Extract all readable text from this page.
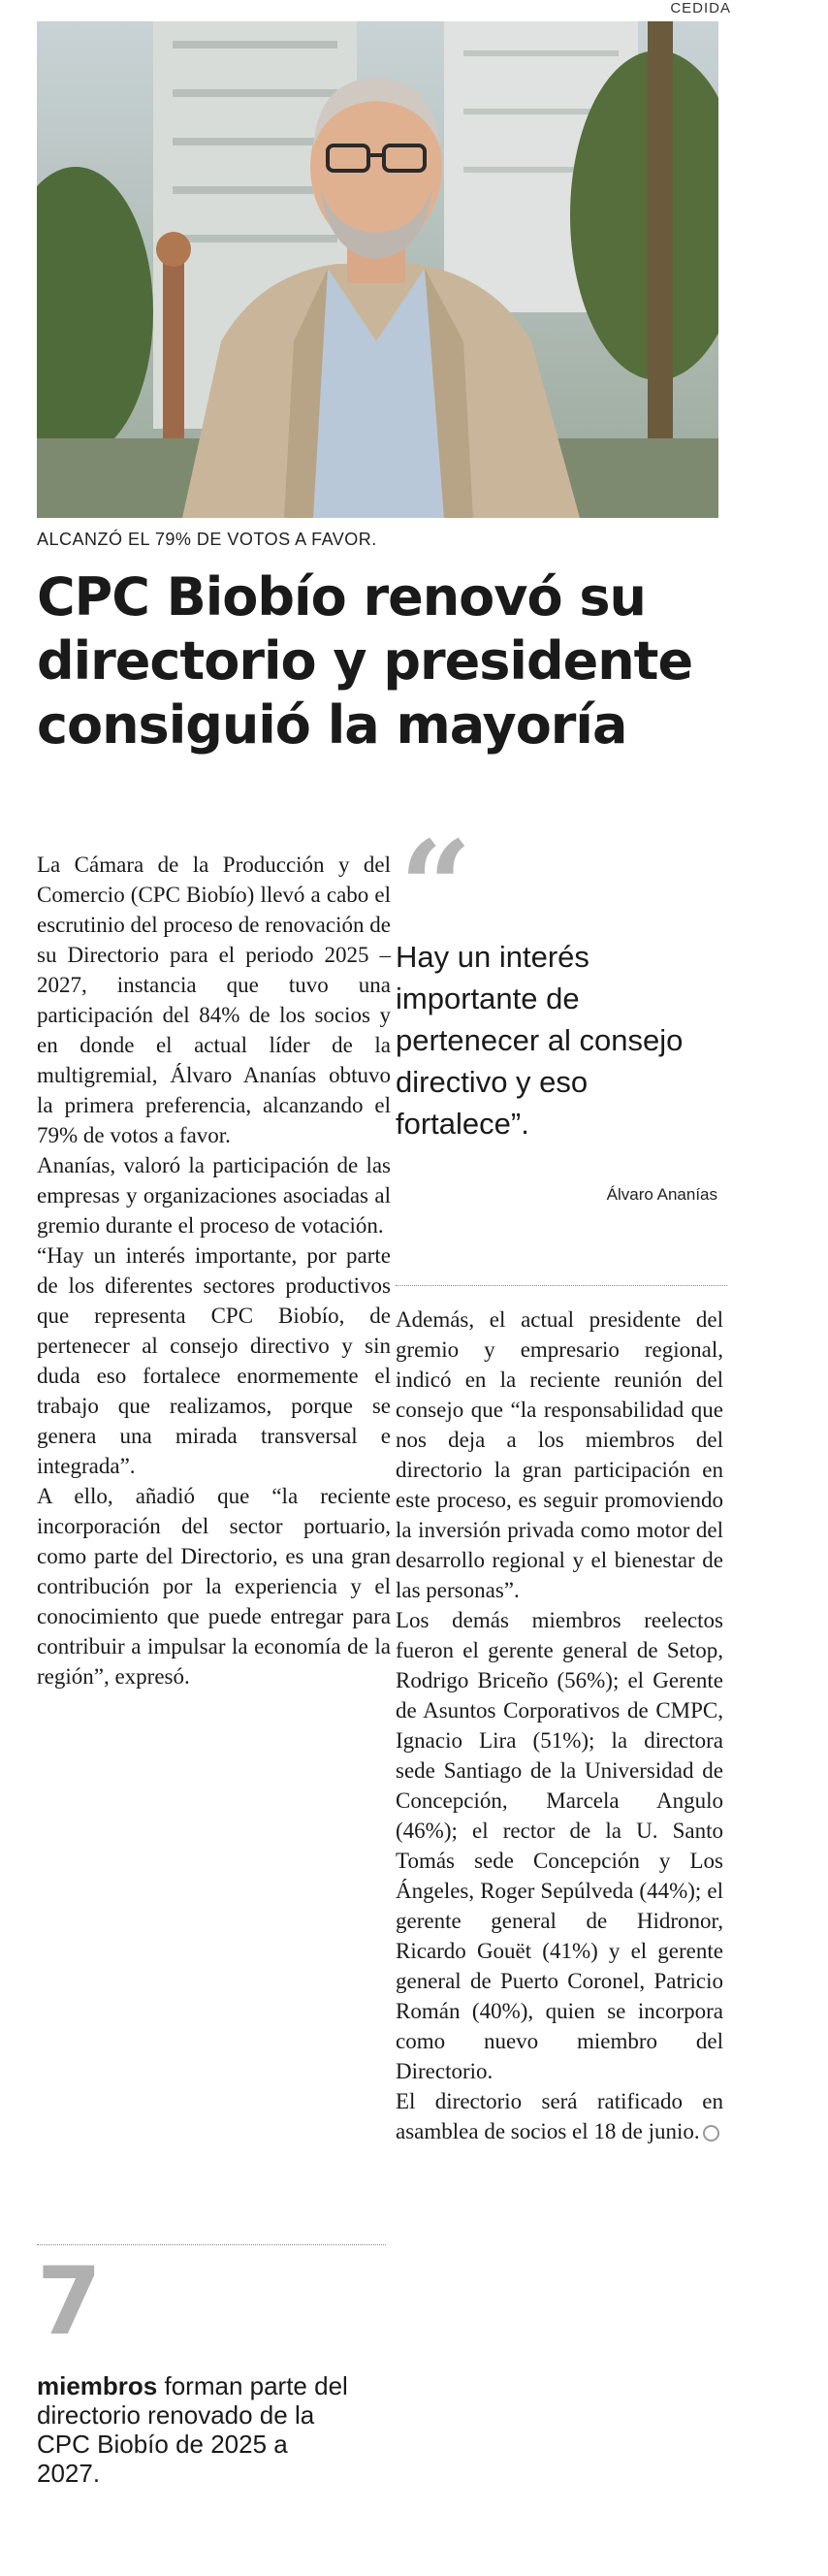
CEDIDA
ALCANZÓ EL 79% DE VOTOS A FAVOR.
CPC Biobío renovó su directorio y presidente consiguió la mayoría

La Cámara de la Producción y del Comercio (CPC Biobío) llevó a cabo el escrutinio del proceso de renovación de su Directorio para el periodo 2025 – 2027, instancia que tuvo una participación del 84% de los socios y en donde el actual líder de la multigremial, Álvaro Ananías obtuvo la primera preferencia, alcanzando el 79% de votos a favor.

Ananías, valoró la participación de las empresas y organizaciones asociadas al gremio durante el proceso de votación.

“Hay un interés importante, por parte de los diferentes sectores productivos que representa CPC Biobío, de pertenecer al consejo directivo y sin duda eso fortalece enormemente el trabajo que realizamos, porque se genera una mirada transversal e integrada”.

A ello, añadió que “la reciente incorporación del sector portuario, como parte del Directorio, es una gran contribución por la experiencia y el conocimiento que puede entregar para contribuir a impulsar la economía de la región”, expresó.

“
Hay un interés importante de pertenecer al consejo directivo y eso fortalece”.
Álvaro Ananías

Además, el actual presidente del gremio y empresario regional, indicó en la reciente reunión del consejo que “la responsabilidad que nos deja a los miembros del directorio la gran participación en este proceso, es seguir promoviendo la inversión privada como motor del desarrollo regional y el bienestar de las personas”.

Los demás miembros reelectos fueron el gerente general de Setop, Rodrigo Briceño (56%); el Gerente de Asuntos Corporativos de CMPC, Ignacio Lira (51%); la directora sede Santiago de la Universidad de Concepción, Marcela Angulo (46%); el rector de la U. Santo Tomás sede Concepción y Los Ángeles, Roger Sepúlveda (44%); el gerente general de Hidronor, Ricardo Gouët (41%) y el gerente general de Puerto Coronel, Patricio Román (40%), quien se incorpora como nuevo miembro del Directorio.

El directorio será ratificado en asamblea de socios el 18 de junio.

7
miembros forman parte del directorio renovado de la CPC Biobío de 2025 a 2027.
